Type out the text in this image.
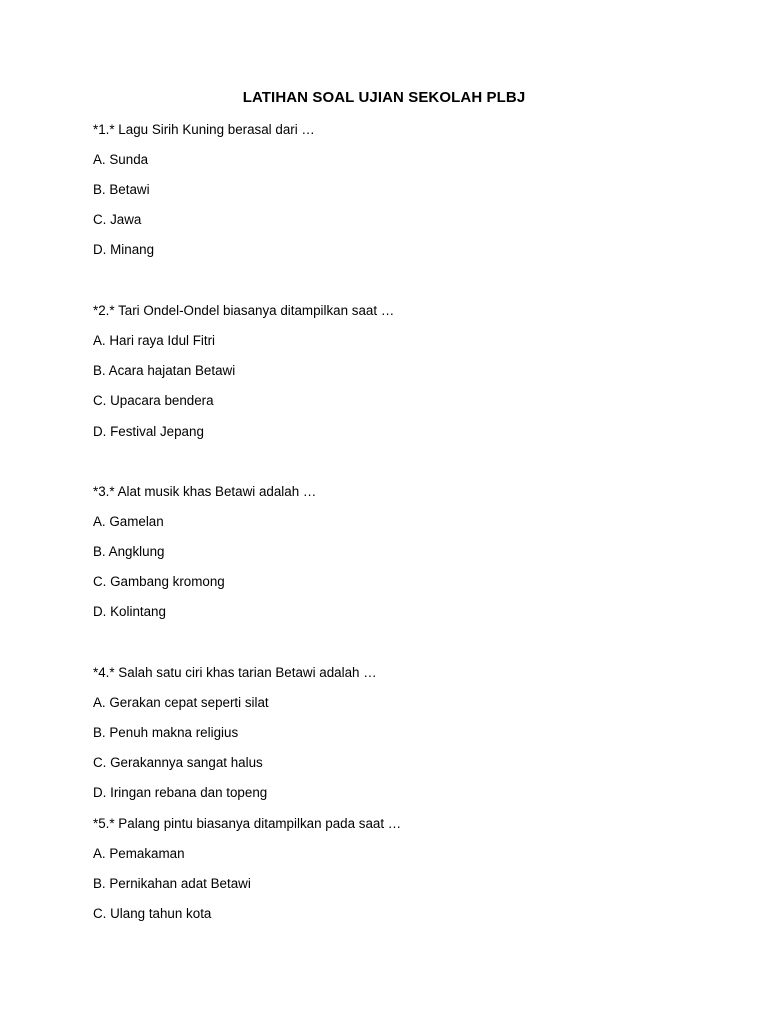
LATIHAN SOAL UJIAN SEKOLAH PLBJ
*1.* Lagu Sirih Kuning berasal dari …
A. Sunda
B. Betawi
C. Jawa
D. Minang
*2.* Tari Ondel-Ondel biasanya ditampilkan saat …
A. Hari raya Idul Fitri
B. Acara hajatan Betawi
C. Upacara bendera
D. Festival Jepang
*3.* Alat musik khas Betawi adalah …
A. Gamelan
B. Angklung
C. Gambang kromong
D. Kolintang
*4.* Salah satu ciri khas tarian Betawi adalah …
A. Gerakan cepat seperti silat
B. Penuh makna religius
C. Gerakannya sangat halus
D. Iringan rebana dan topeng
*5.* Palang pintu biasanya ditampilkan pada saat …
A. Pemakaman
B. Pernikahan adat Betawi
C. Ulang tahun kota
